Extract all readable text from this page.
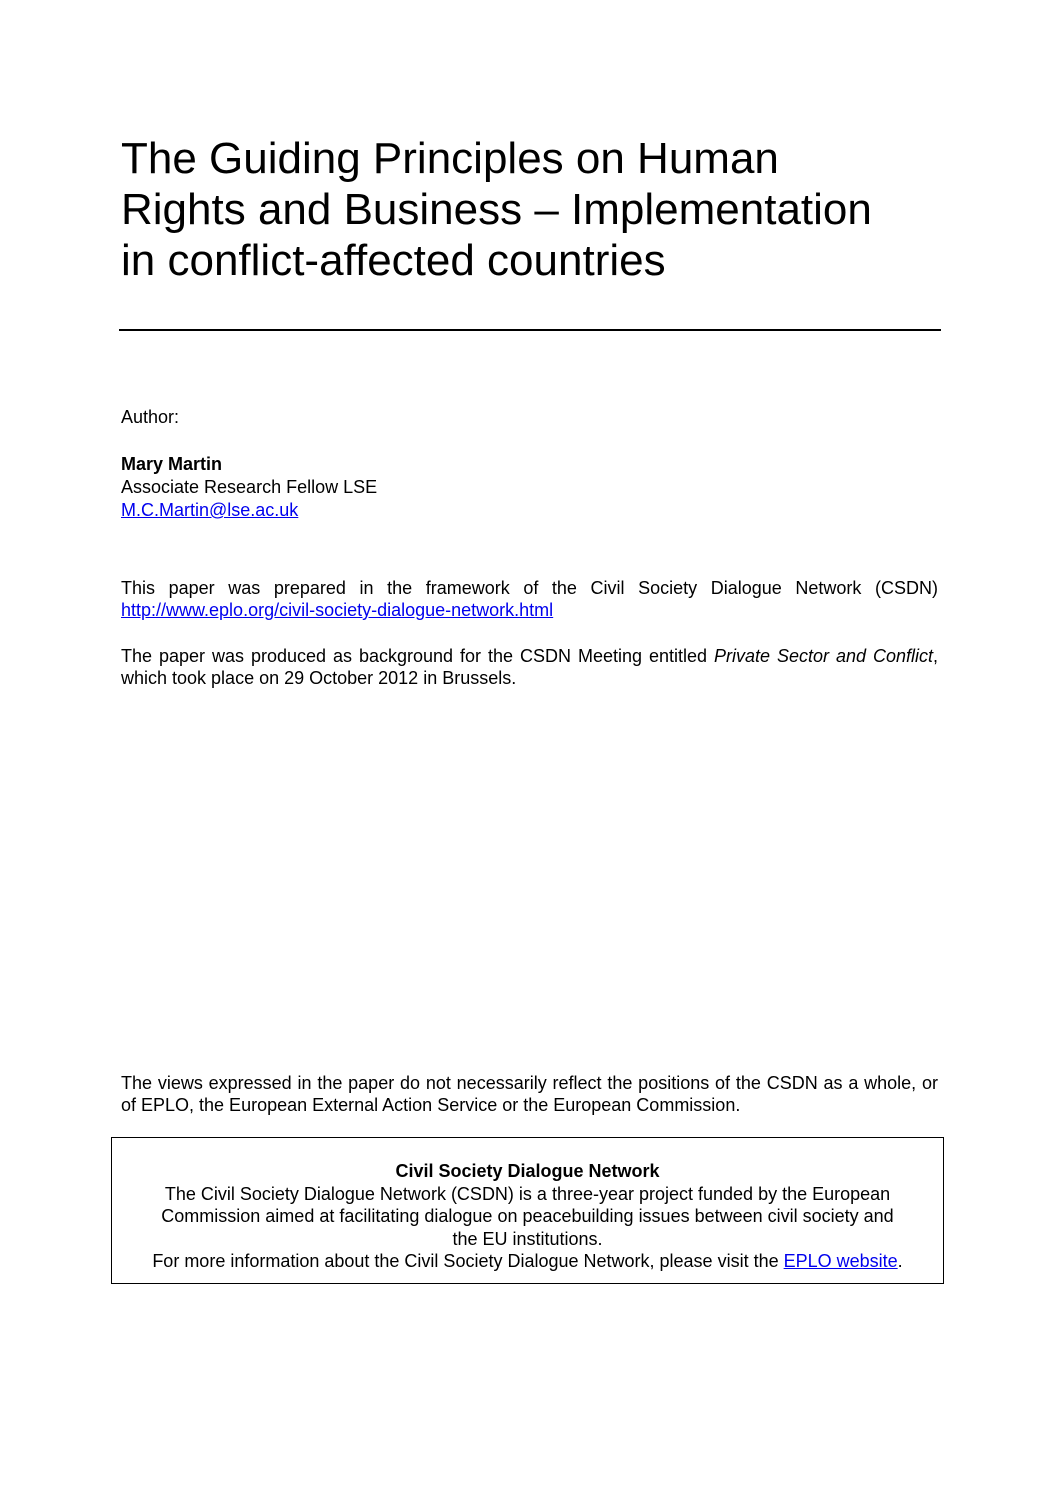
The Guiding Principles on Human
Rights and Business – Implementation
in conflict-affected countries
Author:
Mary Martin
Associate Research Fellow LSE
M.C.Martin@lse.ac.uk
This paper was prepared in the framework of the Civil Society Dialogue Network (CSDN)
http://www.eplo.org/civil-society-dialogue-network.html
The paper was produced as background for the CSDN Meeting entitled Private Sector and Conflict, which took place on 29 October 2012 in Brussels.
The views expressed in the paper do not necessarily reflect the positions of the CSDN as a whole, or of EPLO, the European External Action Service or the European Commission.
Civil Society Dialogue Network
The Civil Society Dialogue Network (CSDN) is a three-year project funded by the European
Commission aimed at facilitating dialogue on peacebuilding issues between civil society and
the EU institutions.
For more information about the Civil Society Dialogue Network, please visit the EPLO website.
